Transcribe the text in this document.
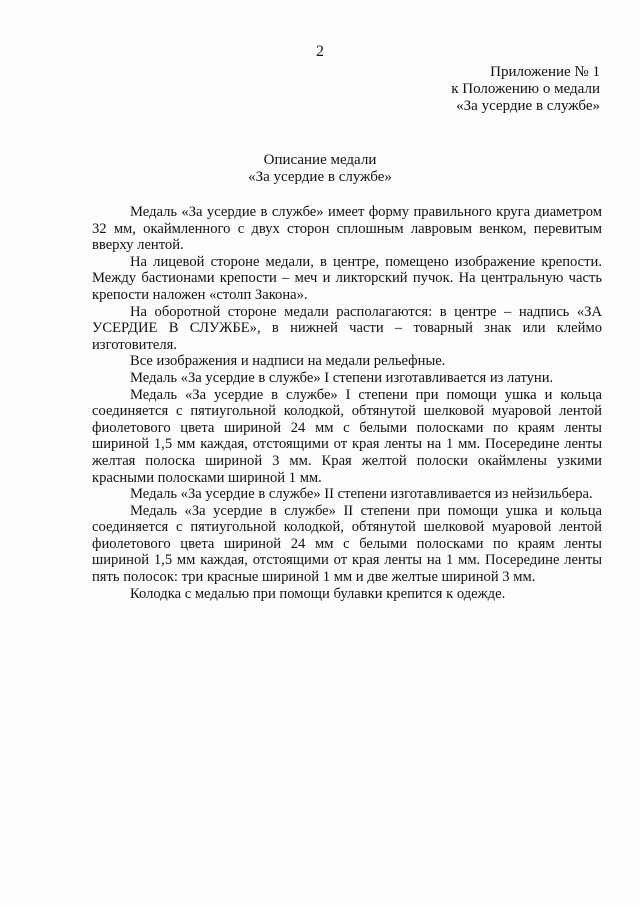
2
Приложение № 1
к Положению о медали
«За усердие в службе»
Описание медали
«За усердие в службе»

Медаль «За усердие в службе» имеет форму правильного круга диаметром 32 мм, окаймленного с двух сторон сплошным лавровым венком, перевитым вверху лентой.

На лицевой стороне медали, в центре, помещено изображение крепости. Между бастионами крепости – меч и ликторский пучок. На центральную часть крепости наложен «столп Закона».

На оборотной стороне медали располагаются: в центре – надпись «ЗА УСЕРДИЕ В СЛУЖБЕ», в нижней части – товарный знак или клеймо изготовителя.

Все изображения и надписи на медали рельефные.

Медаль «За усердие в службе» I степени изготавливается из латуни.

Медаль «За усердие в службе» I степени при помощи ушка и кольца соединяется с пятиугольной колодкой, обтянутой шелковой муаровой лентой фиолетового цвета шириной 24 мм с белыми полосками по краям ленты шириной 1,5 мм каждая, отстоящими от края ленты на 1 мм. Посередине ленты желтая полоска шириной 3 мм. Края желтой полоски окаймлены узкими красными полосками шириной 1 мм.

Медаль «За усердие в службе» II степени изготавливается из нейзильбера.

Медаль «За усердие в службе» II степени при помощи ушка и кольца соединяется с пятиугольной колодкой, обтянутой шелковой муаровой лентой фиолетового цвета шириной 24 мм с белыми полосками по краям ленты шириной 1,5 мм каждая, отстоящими от края ленты на 1 мм. Посередине ленты пять полосок: три красные шириной 1 мм и две желтые шириной 3 мм.

Колодка с медалью при помощи булавки крепится к одежде.
